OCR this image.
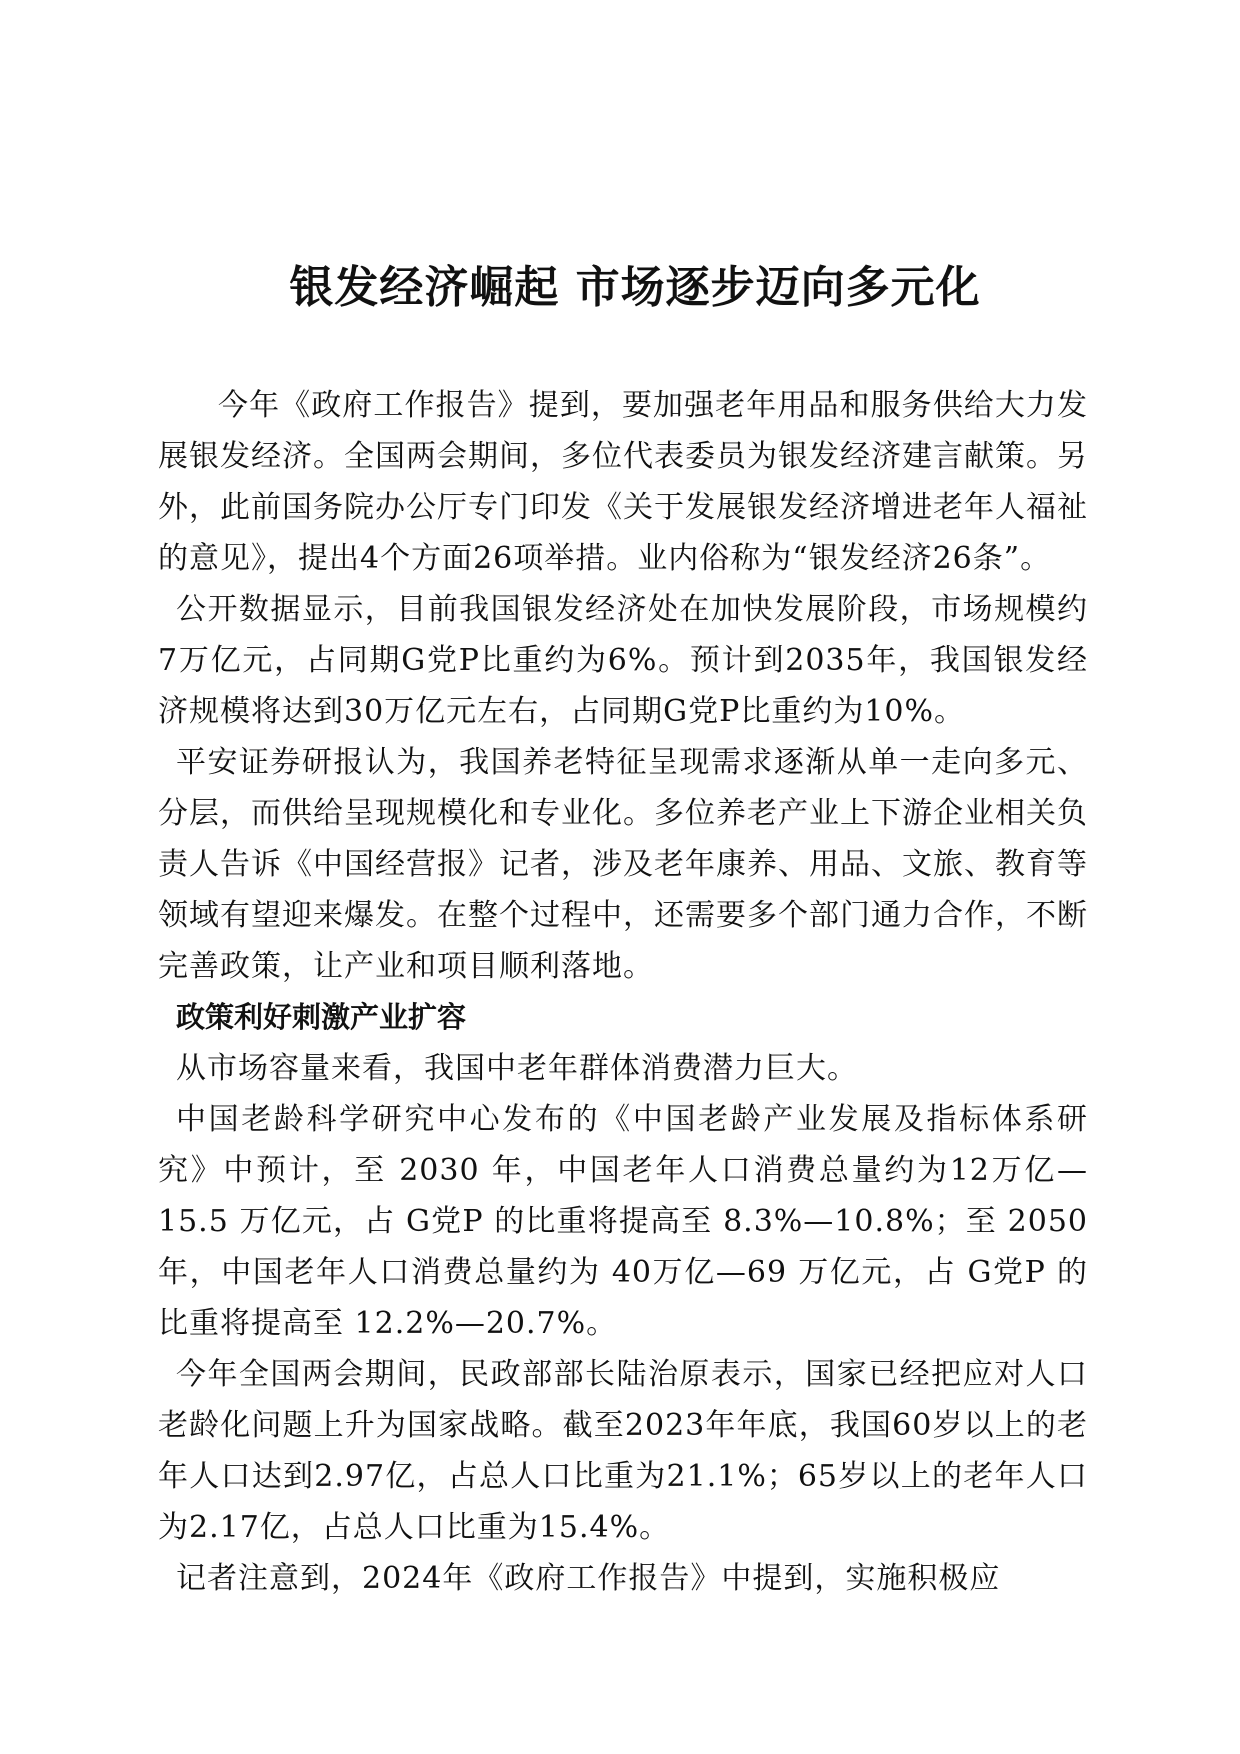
银发经济崛起 市场逐步迈向多元化

今年《政府工作报告》提到，要加强老年用品和服务供给大力发展银发经济。全国两会期间，多位代表委员为银发经济建言献策。另外，此前国务院办公厅专门印发《关于发展银发经济增进老年人福祉的意见》，提出4个方面26项举措。业内俗称为“银发经济26条”。

公开数据显示，目前我国银发经济处在加快发展阶段，市场规模约7万亿元，占同期G党P比重约为6%。预计到2035年，我国银发经济规模将达到30万亿元左右，占同期G党P比重约为10%。

平安证券研报认为，我国养老特征呈现需求逐渐从单一走向多元、分层，而供给呈现规模化和专业化。多位养老产业上下游企业相关负责人告诉《中国经营报》记者，涉及老年康养、用品、文旅、教育等领域有望迎来爆发。在整个过程中，还需要多个部门通力合作，不断完善政策，让产业和项目顺利落地。

政策利好刺激产业扩容

从市场容量来看，我国中老年群体消费潜力巨大。

中国老龄科学研究中心发布的《中国老龄产业发展及指标体系研究》中预计，至 2030 年，中国老年人口消费总量约为12万亿—15.5 万亿元，占 G党P 的比重将提高至 8.3%—10.8%；至 2050 年，中国老年人口消费总量约为 40万亿—69 万亿元，占 G党P 的比重将提高至 12.2%—20.7%。

今年全国两会期间，民政部部长陆治原表示，国家已经把应对人口老龄化问题上升为国家战略。截至2023年年底，我国60岁以上的老年人口达到2.97亿，占总人口比重为21.1%；65岁以上的老年人口为2.17亿，占总人口比重为15.4%。

记者注意到，2024年《政府工作报告》中提到，实施积极应
